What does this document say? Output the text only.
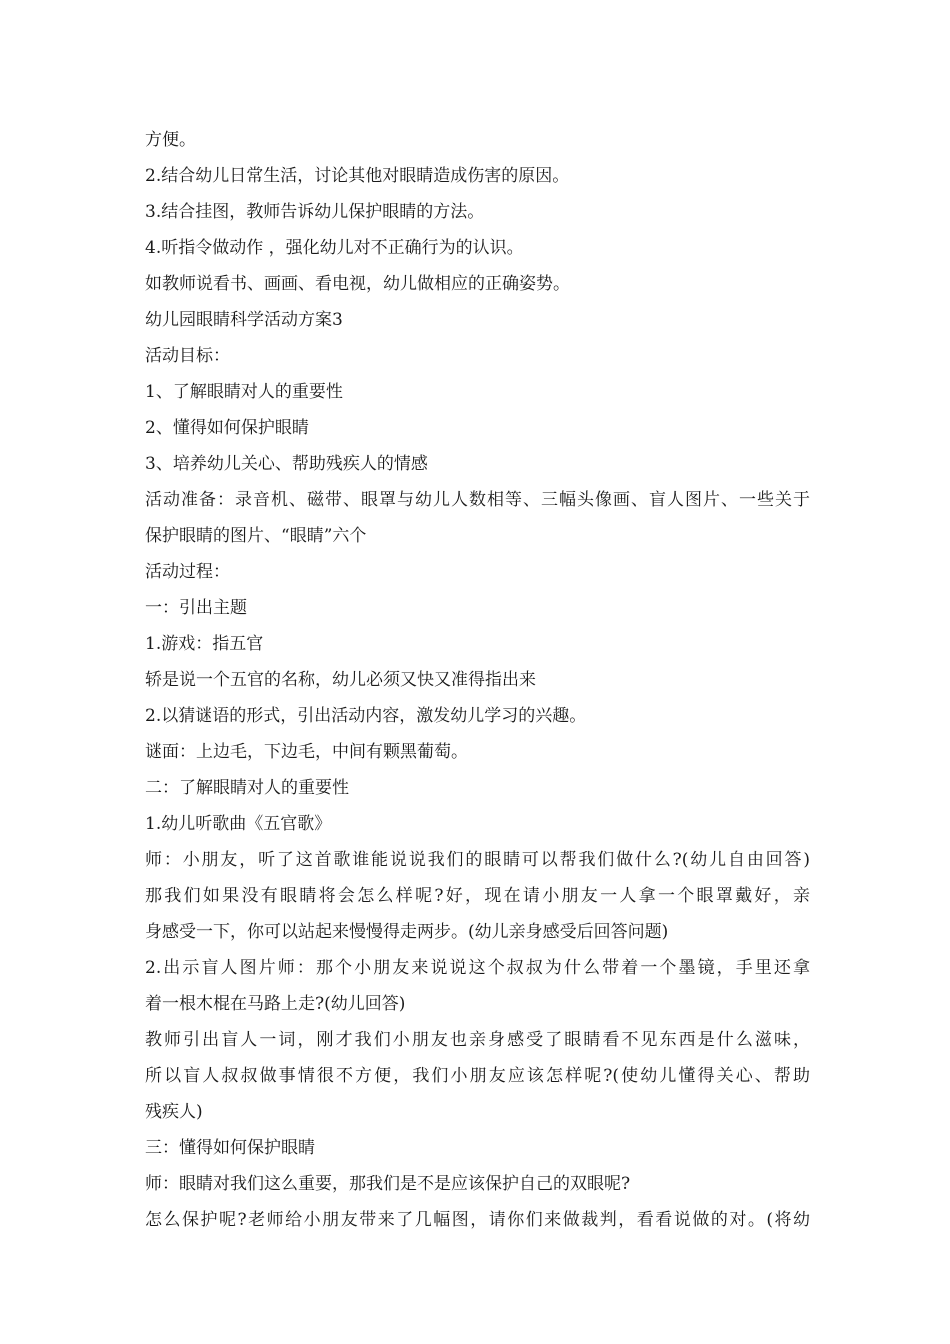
方便。

2.结合幼儿日常生活，讨论其他对眼睛造成伤害的原因。

3.结合挂图，教师告诉幼儿保护眼睛的方法。

4.听指令做动作 ，强化幼儿对不正确行为的认识。

如教师说看书、画画、看电视，幼儿做相应的正确姿势。

幼儿园眼睛科学活动方案3

活动目标：

1、了解眼睛对人的重要性

2、懂得如何保护眼睛

3、培养幼儿关心、帮助残疾人的情感

活动准备：录音机、磁带、眼罩与幼儿人数相等、三幅头像画、盲人图片、一些关于

保护眼睛的图片、“眼睛”六个

活动过程：

一：引出主题

1.游戏：指五官

轿是说一个五官的名称，幼儿必须又快又准得指出来

2.以猜谜语的形式，引出活动内容，激发幼儿学习的兴趣。

谜面：上边毛，下边毛，中间有颗黑葡萄。

二：了解眼睛对人的重要性

1.幼儿听歌曲《五官歌》

师：小朋友，听了这首歌谁能说说我们的眼睛可以帮我们做什么?(幼儿自由回答)

那我们如果没有眼睛将会怎么样呢?好，现在请小朋友一人拿一个眼罩戴好，亲

身感受一下，你可以站起来慢慢得走两步。(幼儿亲身感受后回答问题)

2.出示盲人图片师：那个小朋友来说说这个叔叔为什么带着一个墨镜，手里还拿

着一根木棍在马路上走?(幼儿回答)

教师引出盲人一词，刚才我们小朋友也亲身感受了眼睛看不见东西是什么滋味，

所以盲人叔叔做事情很不方便，我们小朋友应该怎样呢?(使幼儿懂得关心、帮助

残疾人)

三：懂得如何保护眼睛

师：眼睛对我们这么重要，那我们是不是应该保护自己的双眼呢?

怎么保护呢?老师给小朋友带来了几幅图，请你们来做裁判，看看说做的对。(将幼
